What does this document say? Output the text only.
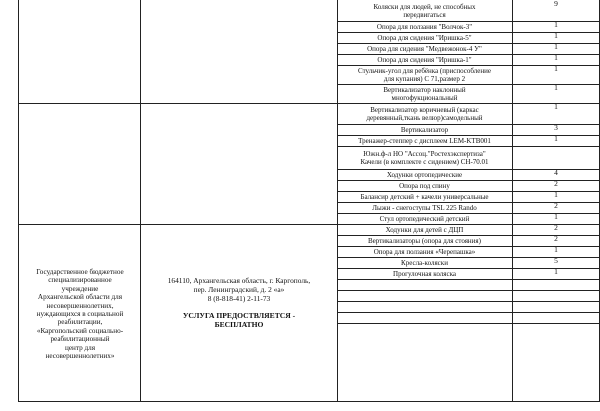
Коляски для людей, не способных
передвигаться
9
Опора для ползания "Волчок-3"	1
Опора для сидения "Иришка-5"	1
Опора для сидения "Медвежонок-4 У"	1
Опора для сидения "Иришка-1"	1
Стульчик-угол для ребёнка (приспособление
для купания) С 71,размер 2
1
Вертикализатор наклонный
многофукциональный
1
Вертикализатор коричневый (каркас
деревянный,ткань велюр)самодельный
1
Вертикализатор	3
Тренажер-степпер с дисплеем LEM-KTB001	1
Южн.ф-л НО "Ассоц."Ростехэкспертиза"
Качели (в комплекте с сидением) СН-70.01
Ходунки ортопедические	4
Опора под спину	2
Балансир детский + качели универсальные	1
Лыжи - снегоступы TSL 225 Rando	2
Стул ортопедический детский	1
Ходунки для детей с ДЦП	2
Вертикализаторы (опора для стояния)	2
Опора для ползания «Черепашка»	1
Кресла-коляски	5
Прогулочная коляска	1
Государственное бюджетное
специализированное
учреждение
Архангельской области для
несовершеннолетних,
нуждающихся в социальной
реабилитации,
«Каргопольский социально-
реабилитационный
центр для
несовершеннолетних»
164110, Архангельская область, г. Каргополь,
пер. Ленинградский, д. 2 «а»
8 (8-818-41) 2-11-73
УСЛУГА ПРЕДОСТВЛЯЕТСЯ -
БЕСПЛАТНО
